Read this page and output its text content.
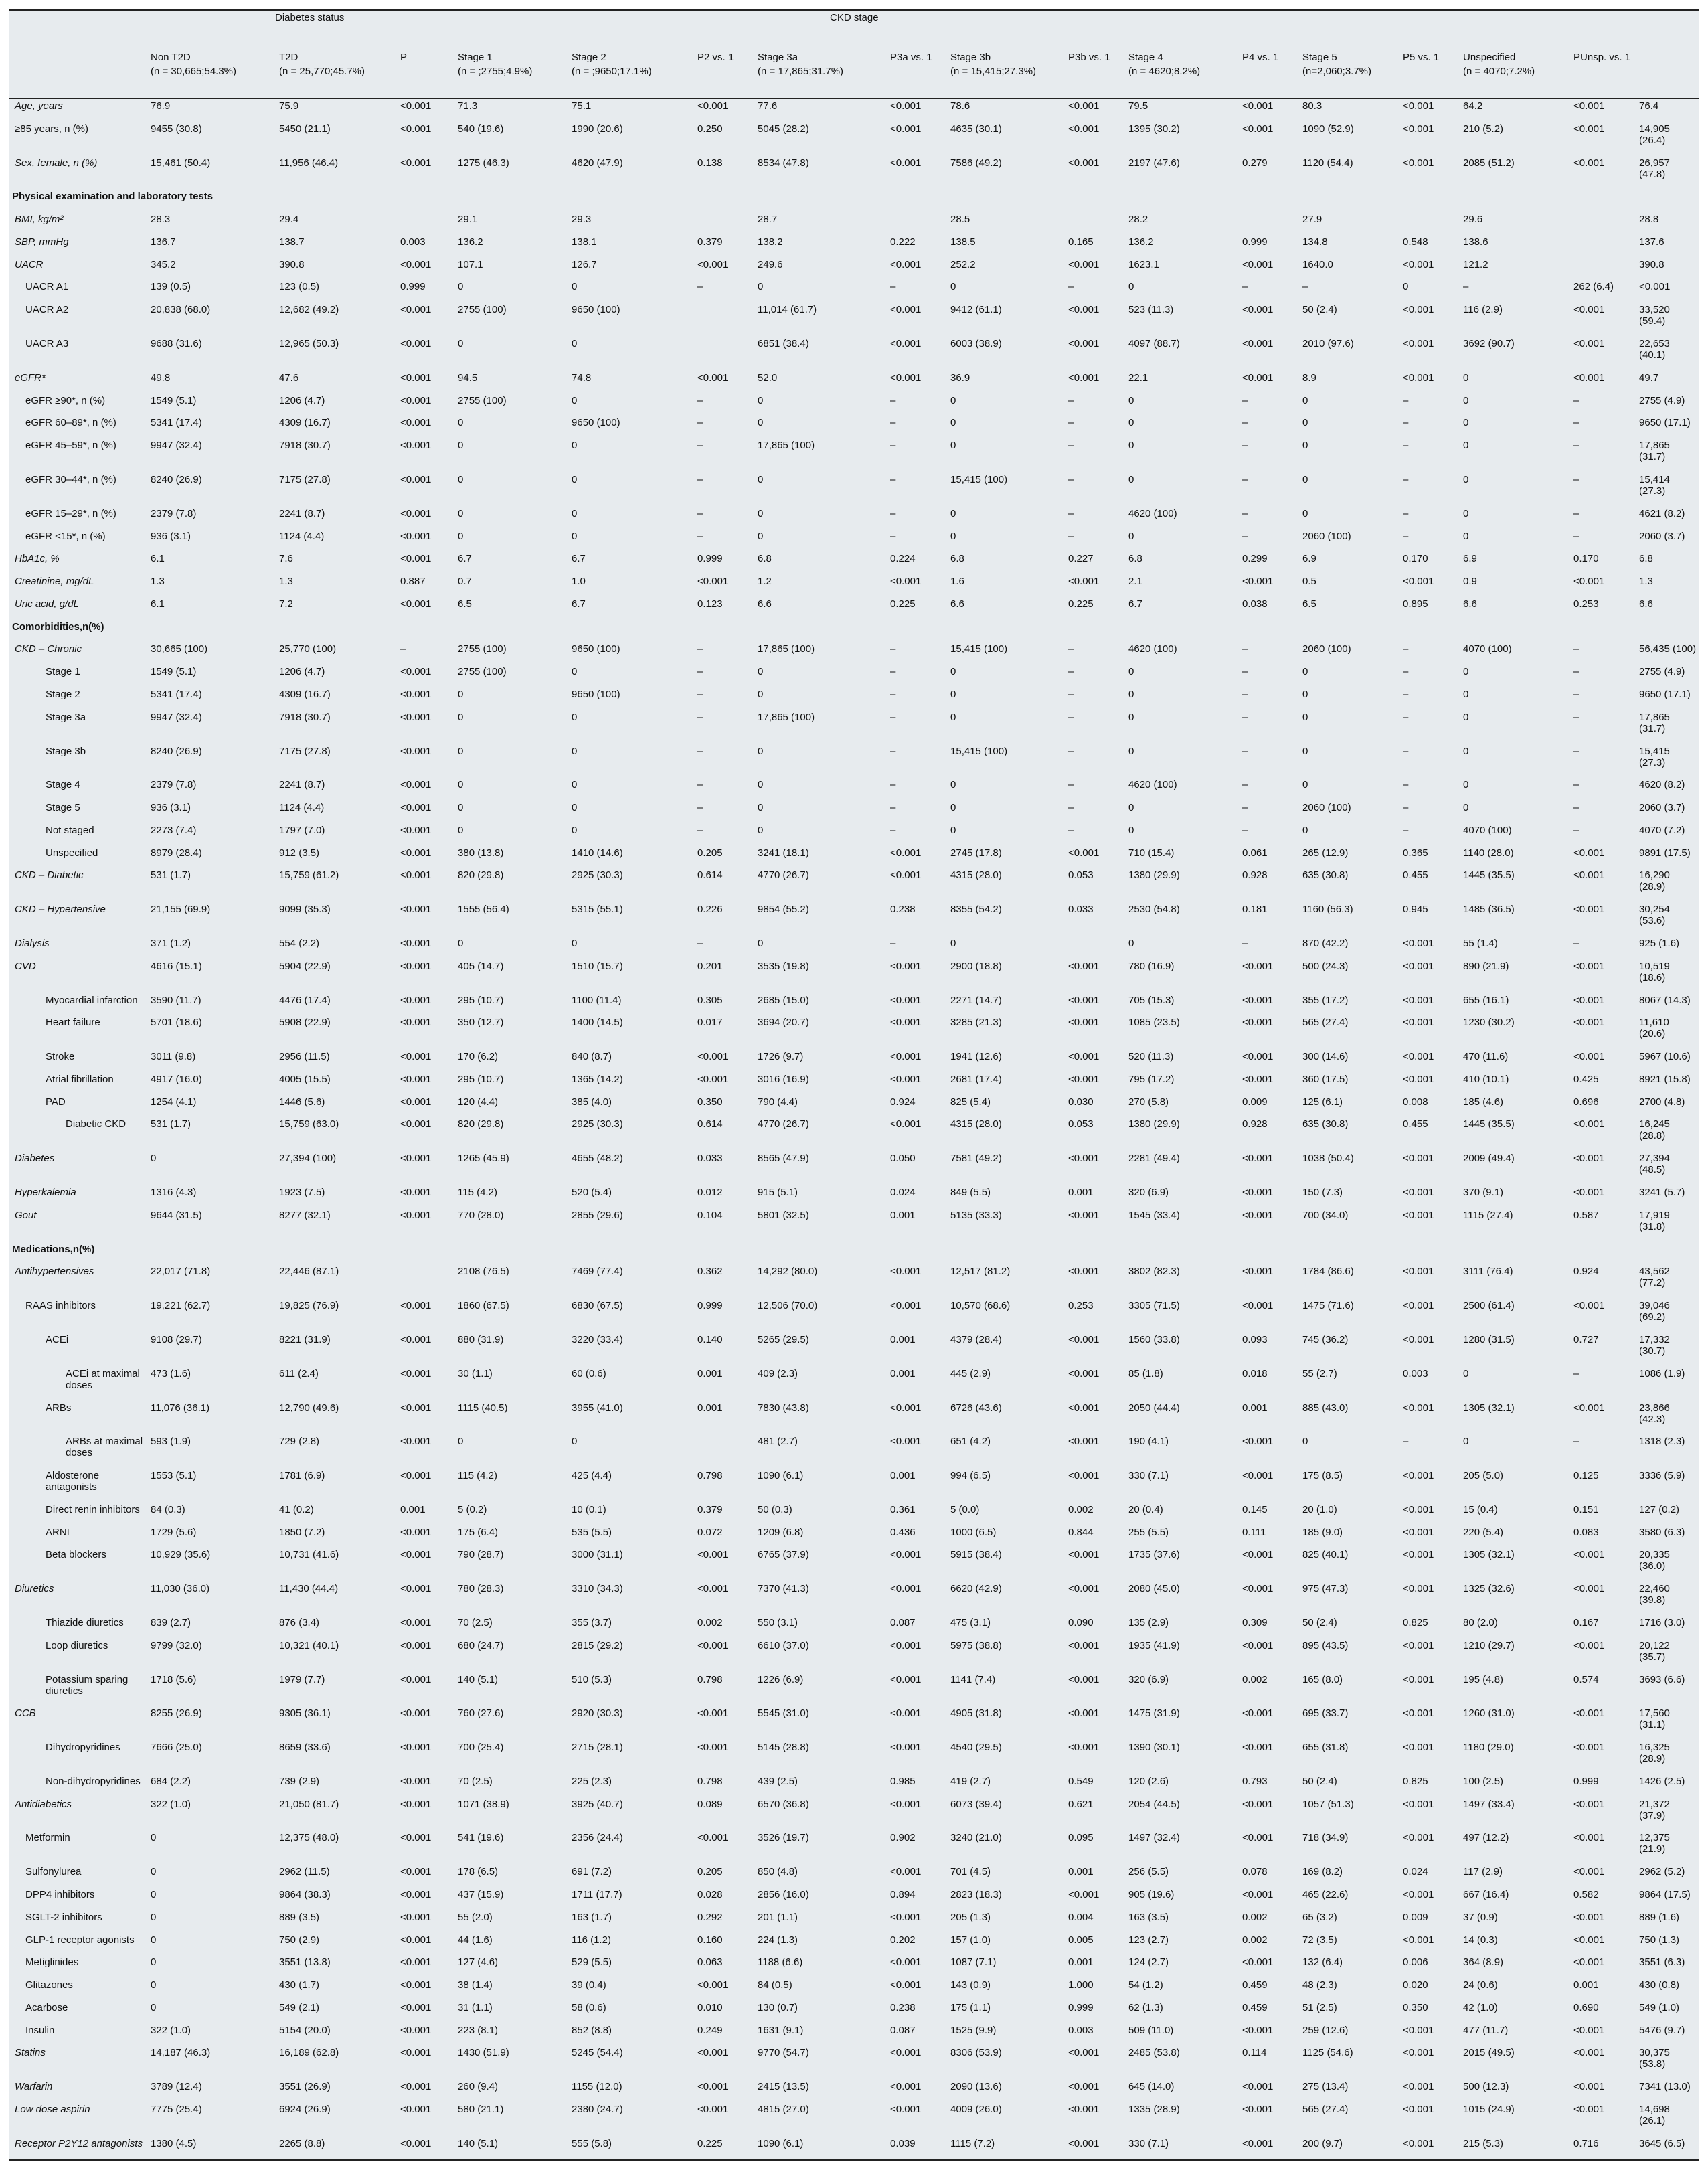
	Diabetes status			CKD stage	
	Non T2D	T2D	P	Stage 1	Stage 2	P2 vs. 1	Stage 3a	P3a vs. 1	Stage 3b	P3b vs. 1	Stage 4	P4 vs. 1	Stage 5	P5 vs. 1	Unspecified	PUnsp. vs. 1		
	(n = 30,665;54.3%)	(n = 25,770;45.7%)		(n = ;2755;4.9%)	(n = ;9650;17.1%)		(n = 17,865;31.7%)		(n = 15,415;27.3%)		(n = 4620;8.2%)		(n=2,060;3.7%)		(n = 4070;7.2%)			
Age, years	76.9	75.9	<0.001	71.3	75.1	<0.001	77.6	<0.001	78.6	<0.001	79.5	<0.001	80.3	<0.001	64.2	<0.001	76.4	
≥85 years, n (%)	9455 (30.8)	5450 (21.1)	<0.001	540 (19.6)	1990 (20.6)	0.250	5045 (28.2)	<0.001	4635 (30.1)	<0.001	1395 (30.2)	<0.001	1090 (52.9)	<0.001	210 (5.2)	<0.001	14,905 (26.4)	
Sex, female, n (%)	15,461 (50.4)	11,956 (46.4)	<0.001	1275 (46.3)	4620 (47.9)	0.138	8534 (47.8)	<0.001	7586 (49.2)	<0.001	2197 (47.6)	0.279	1120 (54.4)	<0.001	2085 (51.2)	<0.001	26,957 (47.8)	
Physical examination and laboratory tests																		
BMI, kg/m²	28.3	29.4		29.1	29.3		28.7		28.5		28.2		27.9		29.6		28.8	
SBP, mmHg	136.7	138.7	0.003	136.2	138.1	0.379	138.2	0.222	138.5	0.165	136.2	0.999	134.8	0.548	138.6		137.6	
UACR	345.2	390.8	<0.001	107.1	126.7	<0.001	249.6	<0.001	252.2	<0.001	1623.1	<0.001	1640.0	<0.001	121.2		390.8	
UACR A1	139 (0.5)	123 (0.5)	0.999	0	0	–	0	–	0	–	0	–	–	0	–	262 (6.4)	<0.001	
UACR A2	20,838 (68.0)	12,682 (49.2)	<0.001	2755 (100)	9650 (100)		11,014 (61.7)	<0.001	9412 (61.1)	<0.001	523 (11.3)	<0.001	50 (2.4)	<0.001	116 (2.9)	<0.001	33,520 (59.4)	
UACR A3	9688 (31.6)	12,965 (50.3)	<0.001	0	0		6851 (38.4)	<0.001	6003 (38.9)	<0.001	4097 (88.7)	<0.001	2010 (97.6)	<0.001	3692 (90.7)	<0.001	22,653 (40.1)	
eGFR*	49.8	47.6	<0.001	94.5	74.8	<0.001	52.0	<0.001	36.9	<0.001	22.1	<0.001	8.9	<0.001	0	<0.001	49.7	
eGFR ≥90*, n (%)	1549 (5.1)	1206 (4.7)	<0.001	2755 (100)	0	–	0	–	0	–	0	–	0	–	0	–	2755 (4.9)	
eGFR 60–89*, n (%)	5341 (17.4)	4309 (16.7)	<0.001	0	9650 (100)	–	0	–	0	–	0	–	0	–	0	–	9650 (17.1)	
eGFR 45–59*, n (%)	9947 (32.4)	7918 (30.7)	<0.001	0	0	–	17,865 (100)	–	0	–	0	–	0	–	0	–	17,865 (31.7)	
eGFR 30–44*, n (%)	8240 (26.9)	7175 (27.8)	<0.001	0	0	–	0	–	15,415 (100)	–	0	–	0	–	0	–	15,414 (27.3)	
eGFR 15–29*, n (%)	2379 (7.8)	2241 (8.7)	<0.001	0	0	–	0	–	0	–	4620 (100)	–	0	–	0	–	4621 (8.2)	
eGFR <15*, n (%)	936 (3.1)	1124 (4.4)	<0.001	0	0	–	0	–	0	–	0	–	2060 (100)	–	0	–	2060 (3.7)	
HbA1c, %	6.1	7.6	<0.001	6.7	6.7	0.999	6.8	0.224	6.8	0.227	6.8	0.299	6.9	0.170	6.9	0.170	6.8	
Creatinine, mg/dL	1.3	1.3	0.887	0.7	1.0	<0.001	1.2	<0.001	1.6	<0.001	2.1	<0.001	0.5	<0.001	0.9	<0.001	1.3	
Uric acid, g/dL	6.1	7.2	<0.001	6.5	6.7	0.123	6.6	0.225	6.6	0.225	6.7	0.038	6.5	0.895	6.6	0.253	6.6	
Comorbidities,n(%)																		
CKD – Chronic	30,665 (100)	25,770 (100)	–	2755 (100)	9650 (100)	–	17,865 (100)	–	15,415 (100)	–	4620 (100)	–	2060 (100)	–	4070 (100)	–	56,435 (100)	
Stage 1	1549 (5.1)	1206 (4.7)	<0.001	2755 (100)	0	–	0	–	0	–	0	–	0	–	0	–	2755 (4.9)	
Stage 2	5341 (17.4)	4309 (16.7)	<0.001	0	9650 (100)	–	0	–	0	–	0	–	0	–	0	–	9650 (17.1)	
Stage 3a	9947 (32.4)	7918 (30.7)	<0.001	0	0	–	17,865 (100)	–	0	–	0	–	0	–	0	–	17,865 (31.7)	
Stage 3b	8240 (26.9)	7175 (27.8)	<0.001	0	0	–	0	–	15,415 (100)	–	0	–	0	–	0	–	15,415 (27.3)	
Stage 4	2379 (7.8)	2241 (8.7)	<0.001	0	0	–	0	–	0	–	4620 (100)	–	0	–	0	–	4620 (8.2)	
Stage 5	936 (3.1)	1124 (4.4)	<0.001	0	0	–	0	–	0	–	0	–	2060 (100)	–	0	–	2060 (3.7)	
Not staged	2273 (7.4)	1797 (7.0)	<0.001	0	0	–	0	–	0	–	0	–	0	–	4070 (100)	–	4070 (7.2)	
Unspecified	8979 (28.4)	912 (3.5)	<0.001	380 (13.8)	1410 (14.6)	0.205	3241 (18.1)	<0.001	2745 (17.8)	<0.001	710 (15.4)	0.061	265 (12.9)	0.365	1140 (28.0)	<0.001	9891 (17.5)	
CKD – Diabetic	531 (1.7)	15,759 (61.2)	<0.001	820 (29.8)	2925 (30.3)	0.614	4770 (26.7)	<0.001	4315 (28.0)	0.053	1380 (29.9)	0.928	635 (30.8)	0.455	1445 (35.5)	<0.001	16,290 (28.9)	
CKD – Hypertensive	21,155 (69.9)	9099 (35.3)	<0.001	1555 (56.4)	5315 (55.1)	0.226	9854 (55.2)	0.238	8355 (54.2)	0.033	2530 (54.8)	0.181	1160 (56.3)	0.945	1485 (36.5)	<0.001	30,254 (53.6)	
Dialysis	371 (1.2)	554 (2.2)	<0.001	0	0	–	0	–	0		0	–	870 (42.2)	<0.001	55 (1.4)	–	925 (1.6)	
CVD	4616 (15.1)	5904 (22.9)	<0.001	405 (14.7)	1510 (15.7)	0.201	3535 (19.8)	<0.001	2900 (18.8)	<0.001	780 (16.9)	<0.001	500 (24.3)	<0.001	890 (21.9)	<0.001	10,519 (18.6)	
Myocardial infarction	3590 (11.7)	4476 (17.4)	<0.001	295 (10.7)	1100 (11.4)	0.305	2685 (15.0)	<0.001	2271 (14.7)	<0.001	705 (15.3)	<0.001	355 (17.2)	<0.001	655 (16.1)	<0.001	8067 (14.3)	
Heart failure	5701 (18.6)	5908 (22.9)	<0.001	350 (12.7)	1400 (14.5)	0.017	3694 (20.7)	<0.001	3285 (21.3)	<0.001	1085 (23.5)	<0.001	565 (27.4)	<0.001	1230 (30.2)	<0.001	11,610 (20.6)	
Stroke	3011 (9.8)	2956 (11.5)	<0.001	170 (6.2)	840 (8.7)	<0.001	1726 (9.7)	<0.001	1941 (12.6)	<0.001	520 (11.3)	<0.001	300 (14.6)	<0.001	470 (11.6)	<0.001	5967 (10.6)	
Atrial fibrillation	4917 (16.0)	4005 (15.5)	<0.001	295 (10.7)	1365 (14.2)	<0.001	3016 (16.9)	<0.001	2681 (17.4)	<0.001	795 (17.2)	<0.001	360 (17.5)	<0.001	410 (10.1)	0.425	8921 (15.8)	
PAD	1254 (4.1)	1446 (5.6)	<0.001	120 (4.4)	385 (4.0)	0.350	790 (4.4)	0.924	825 (5.4)	0.030	270 (5.8)	0.009	125 (6.1)	0.008	185 (4.6)	0.696	2700 (4.8)	
Diabetic CKD	531 (1.7)	15,759 (63.0)	<0.001	820 (29.8)	2925 (30.3)	0.614	4770 (26.7)	<0.001	4315 (28.0)	0.053	1380 (29.9)	0.928	635 (30.8)	0.455	1445 (35.5)	<0.001	16,245 (28.8)	
Diabetes	0	27,394 (100)	<0.001	1265 (45.9)	4655 (48.2)	0.033	8565 (47.9)	0.050	7581 (49.2)	<0.001	2281 (49.4)	<0.001	1038 (50.4)	<0.001	2009 (49.4)	<0.001	27,394 (48.5)	
Hyperkalemia	1316 (4.3)	1923 (7.5)	<0.001	115 (4.2)	520 (5.4)	0.012	915 (5.1)	0.024	849 (5.5)	0.001	320 (6.9)	<0.001	150 (7.3)	<0.001	370 (9.1)	<0.001	3241 (5.7)	
Gout	9644 (31.5)	8277 (32.1)	<0.001	770 (28.0)	2855 (29.6)	0.104	5801 (32.5)	0.001	5135 (33.3)	<0.001	1545 (33.4)	<0.001	700 (34.0)	<0.001	1115 (27.4)	0.587	17,919 (31.8)	
Medications,n(%)																		
Antihypertensives	22,017 (71.8)	22,446 (87.1)		2108 (76.5)	7469 (77.4)	0.362	14,292 (80.0)	<0.001	12,517 (81.2)	<0.001	3802 (82.3)	<0.001	1784 (86.6)	<0.001	3111 (76.4)	0.924	43,562 (77.2)	
RAAS inhibitors	19,221 (62.7)	19,825 (76.9)	<0.001	1860 (67.5)	6830 (67.5)	0.999	12,506 (70.0)	<0.001	10,570 (68.6)	0.253	3305 (71.5)	<0.001	1475 (71.6)	<0.001	2500 (61.4)	<0.001	39,046 (69.2)	
ACEi	9108 (29.7)	8221 (31.9)	<0.001	880 (31.9)	3220 (33.4)	0.140	5265 (29.5)	0.001	4379 (28.4)	<0.001	1560 (33.8)	0.093	745 (36.2)	<0.001	1280 (31.5)	0.727	17,332 (30.7)	
ACEi at maximal doses	473 (1.6)	611 (2.4)	<0.001	30 (1.1)	60 (0.6)	0.001	409 (2.3)	0.001	445 (2.9)	<0.001	85 (1.8)	0.018	55 (2.7)	0.003	0	–	1086 (1.9)	
ARBs	11,076 (36.1)	12,790 (49.6)	<0.001	1115 (40.5)	3955 (41.0)	0.001	7830 (43.8)	<0.001	6726 (43.6)	<0.001	2050 (44.4)	0.001	885 (43.0)	<0.001	1305 (32.1)	<0.001	23,866 (42.3)	
ARBs at maximal doses	593 (1.9)	729 (2.8)	<0.001	0	0		481 (2.7)	<0.001	651 (4.2)	<0.001	190 (4.1)	<0.001	0	–	0	–	1318 (2.3)	
Aldosterone antagonists	1553 (5.1)	1781 (6.9)	<0.001	115 (4.2)	425 (4.4)	0.798	1090 (6.1)	0.001	994 (6.5)	<0.001	330 (7.1)	<0.001	175 (8.5)	<0.001	205 (5.0)	0.125	3336 (5.9)	
Direct renin inhibitors	84 (0.3)	41 (0.2)	0.001	5 (0.2)	10 (0.1)	0.379	50 (0.3)	0.361	5 (0.0)	0.002	20 (0.4)	0.145	20 (1.0)	<0.001	15 (0.4)	0.151	127 (0.2)	
ARNI	1729 (5.6)	1850 (7.2)	<0.001	175 (6.4)	535 (5.5)	0.072	1209 (6.8)	0.436	1000 (6.5)	0.844	255 (5.5)	0.111	185 (9.0)	<0.001	220 (5.4)	0.083	3580 (6.3)	
Beta blockers	10,929 (35.6)	10,731 (41.6)	<0.001	790 (28.7)	3000 (31.1)	<0.001	6765 (37.9)	<0.001	5915 (38.4)	<0.001	1735 (37.6)	<0.001	825 (40.1)	<0.001	1305 (32.1)	<0.001	20,335 (36.0)	
Diuretics	11,030 (36.0)	11,430 (44.4)	<0.001	780 (28.3)	3310 (34.3)	<0.001	7370 (41.3)	<0.001	6620 (42.9)	<0.001	2080 (45.0)	<0.001	975 (47.3)	<0.001	1325 (32.6)	<0.001	22,460 (39.8)	
Thiazide diuretics	839 (2.7)	876 (3.4)	<0.001	70 (2.5)	355 (3.7)	0.002	550 (3.1)	0.087	475 (3.1)	0.090	135 (2.9)	0.309	50 (2.4)	0.825	80 (2.0)	0.167	1716 (3.0)	
Loop diuretics	9799 (32.0)	10,321 (40.1)	<0.001	680 (24.7)	2815 (29.2)	<0.001	6610 (37.0)	<0.001	5975 (38.8)	<0.001	1935 (41.9)	<0.001	895 (43.5)	<0.001	1210 (29.7)	<0.001	20,122 (35.7)	
Potassium sparing diuretics	1718 (5.6)	1979 (7.7)	<0.001	140 (5.1)	510 (5.3)	0.798	1226 (6.9)	<0.001	1141 (7.4)	<0.001	320 (6.9)	0.002	165 (8.0)	<0.001	195 (4.8)	0.574	3693 (6.6)	
CCB	8255 (26.9)	9305 (36.1)	<0.001	760 (27.6)	2920 (30.3)	<0.001	5545 (31.0)	<0.001	4905 (31.8)	<0.001	1475 (31.9)	<0.001	695 (33.7)	<0.001	1260 (31.0)	<0.001	17,560 (31.1)	
Dihydropyridines	7666 (25.0)	8659 (33.6)	<0.001	700 (25.4)	2715 (28.1)	<0.001	5145 (28.8)	<0.001	4540 (29.5)	<0.001	1390 (30.1)	<0.001	655 (31.8)	<0.001	1180 (29.0)	<0.001	16,325 (28.9)	
Non-dihydropyridines	684 (2.2)	739 (2.9)	<0.001	70 (2.5)	225 (2.3)	0.798	439 (2.5)	0.985	419 (2.7)	0.549	120 (2.6)	0.793	50 (2.4)	0.825	100 (2.5)	0.999	1426 (2.5)	
Antidiabetics	322 (1.0)	21,050 (81.7)	<0.001	1071 (38.9)	3925 (40.7)	0.089	6570 (36.8)	<0.001	6073 (39.4)	0.621	2054 (44.5)	<0.001	1057 (51.3)	<0.001	1497 (33.4)	<0.001	21,372 (37.9)	
Metformin	0	12,375 (48.0)	<0.001	541 (19.6)	2356 (24.4)	<0.001	3526 (19.7)	0.902	3240 (21.0)	0.095	1497 (32.4)	<0.001	718 (34.9)	<0.001	497 (12.2)	<0.001	12,375 (21.9)	
Sulfonylurea	0	2962 (11.5)	<0.001	178 (6.5)	691 (7.2)	0.205	850 (4.8)	<0.001	701 (4.5)	0.001	256 (5.5)	0.078	169 (8.2)	0.024	117 (2.9)	<0.001	2962 (5.2)	
DPP4 inhibitors	0	9864 (38.3)	<0.001	437 (15.9)	1711 (17.7)	0.028	2856 (16.0)	0.894	2823 (18.3)	<0.001	905 (19.6)	<0.001	465 (22.6)	<0.001	667 (16.4)	0.582	9864 (17.5)	
SGLT-2 inhibitors	0	889 (3.5)	<0.001	55 (2.0)	163 (1.7)	0.292	201 (1.1)	<0.001	205 (1.3)	0.004	163 (3.5)	0.002	65 (3.2)	0.009	37 (0.9)	<0.001	889 (1.6)	
GLP-1 receptor agonists	0	750 (2.9)	<0.001	44 (1.6)	116 (1.2)	0.160	224 (1.3)	0.202	157 (1.0)	0.005	123 (2.7)	0.002	72 (3.5)	<0.001	14 (0.3)	<0.001	750 (1.3)	
Metiglinides	0	3551 (13.8)	<0.001	127 (4.6)	529 (5.5)	0.063	1188 (6.6)	<0.001	1087 (7.1)	0.001	124 (2.7)	<0.001	132 (6.4)	0.006	364 (8.9)	<0.001	3551 (6.3)	
Glitazones	0	430 (1.7)	<0.001	38 (1.4)	39 (0.4)	<0.001	84 (0.5)	<0.001	143 (0.9)	1.000	54 (1.2)	0.459	48 (2.3)	0.020	24 (0.6)	0.001	430 (0.8)	
Acarbose	0	549 (2.1)	<0.001	31 (1.1)	58 (0.6)	0.010	130 (0.7)	0.238	175 (1.1)	0.999	62 (1.3)	0.459	51 (2.5)	0.350	42 (1.0)	0.690	549 (1.0)	
Insulin	322 (1.0)	5154 (20.0)	<0.001	223 (8.1)	852 (8.8)	0.249	1631 (9.1)	0.087	1525 (9.9)	0.003	509 (11.0)	<0.001	259 (12.6)	<0.001	477 (11.7)	<0.001	5476 (9.7)	
Statins	14,187 (46.3)	16,189 (62.8)	<0.001	1430 (51.9)	5245 (54.4)	<0.001	9770 (54.7)	<0.001	8306 (53.9)	<0.001	2485 (53.8)	0.114	1125 (54.6)	<0.001	2015 (49.5)	<0.001	30,375 (53.8)	
Warfarin	3789 (12.4)	3551 (26.9)	<0.001	260 (9.4)	1155 (12.0)	<0.001	2415 (13.5)	<0.001	2090 (13.6)	<0.001	645 (14.0)	<0.001	275 (13.4)	<0.001	500 (12.3)	<0.001	7341 (13.0)	
Low dose aspirin	7775 (25.4)	6924 (26.9)	<0.001	580 (21.1)	2380 (24.7)	<0.001	4815 (27.0)	<0.001	4009 (26.0)	<0.001	1335 (28.9)	<0.001	565 (27.4)	<0.001	1015 (24.9)	<0.001	14,698 (26.1)	
Receptor P2Y12 antagonists	1380 (4.5)	2265 (8.8)	<0.001	140 (5.1)	555 (5.8)	0.225	1090 (6.1)	0.039	1115 (7.2)	<0.001	330 (7.1)	<0.001	200 (9.7)	<0.001	215 (5.3)	0.716	3645 (6.5)	
